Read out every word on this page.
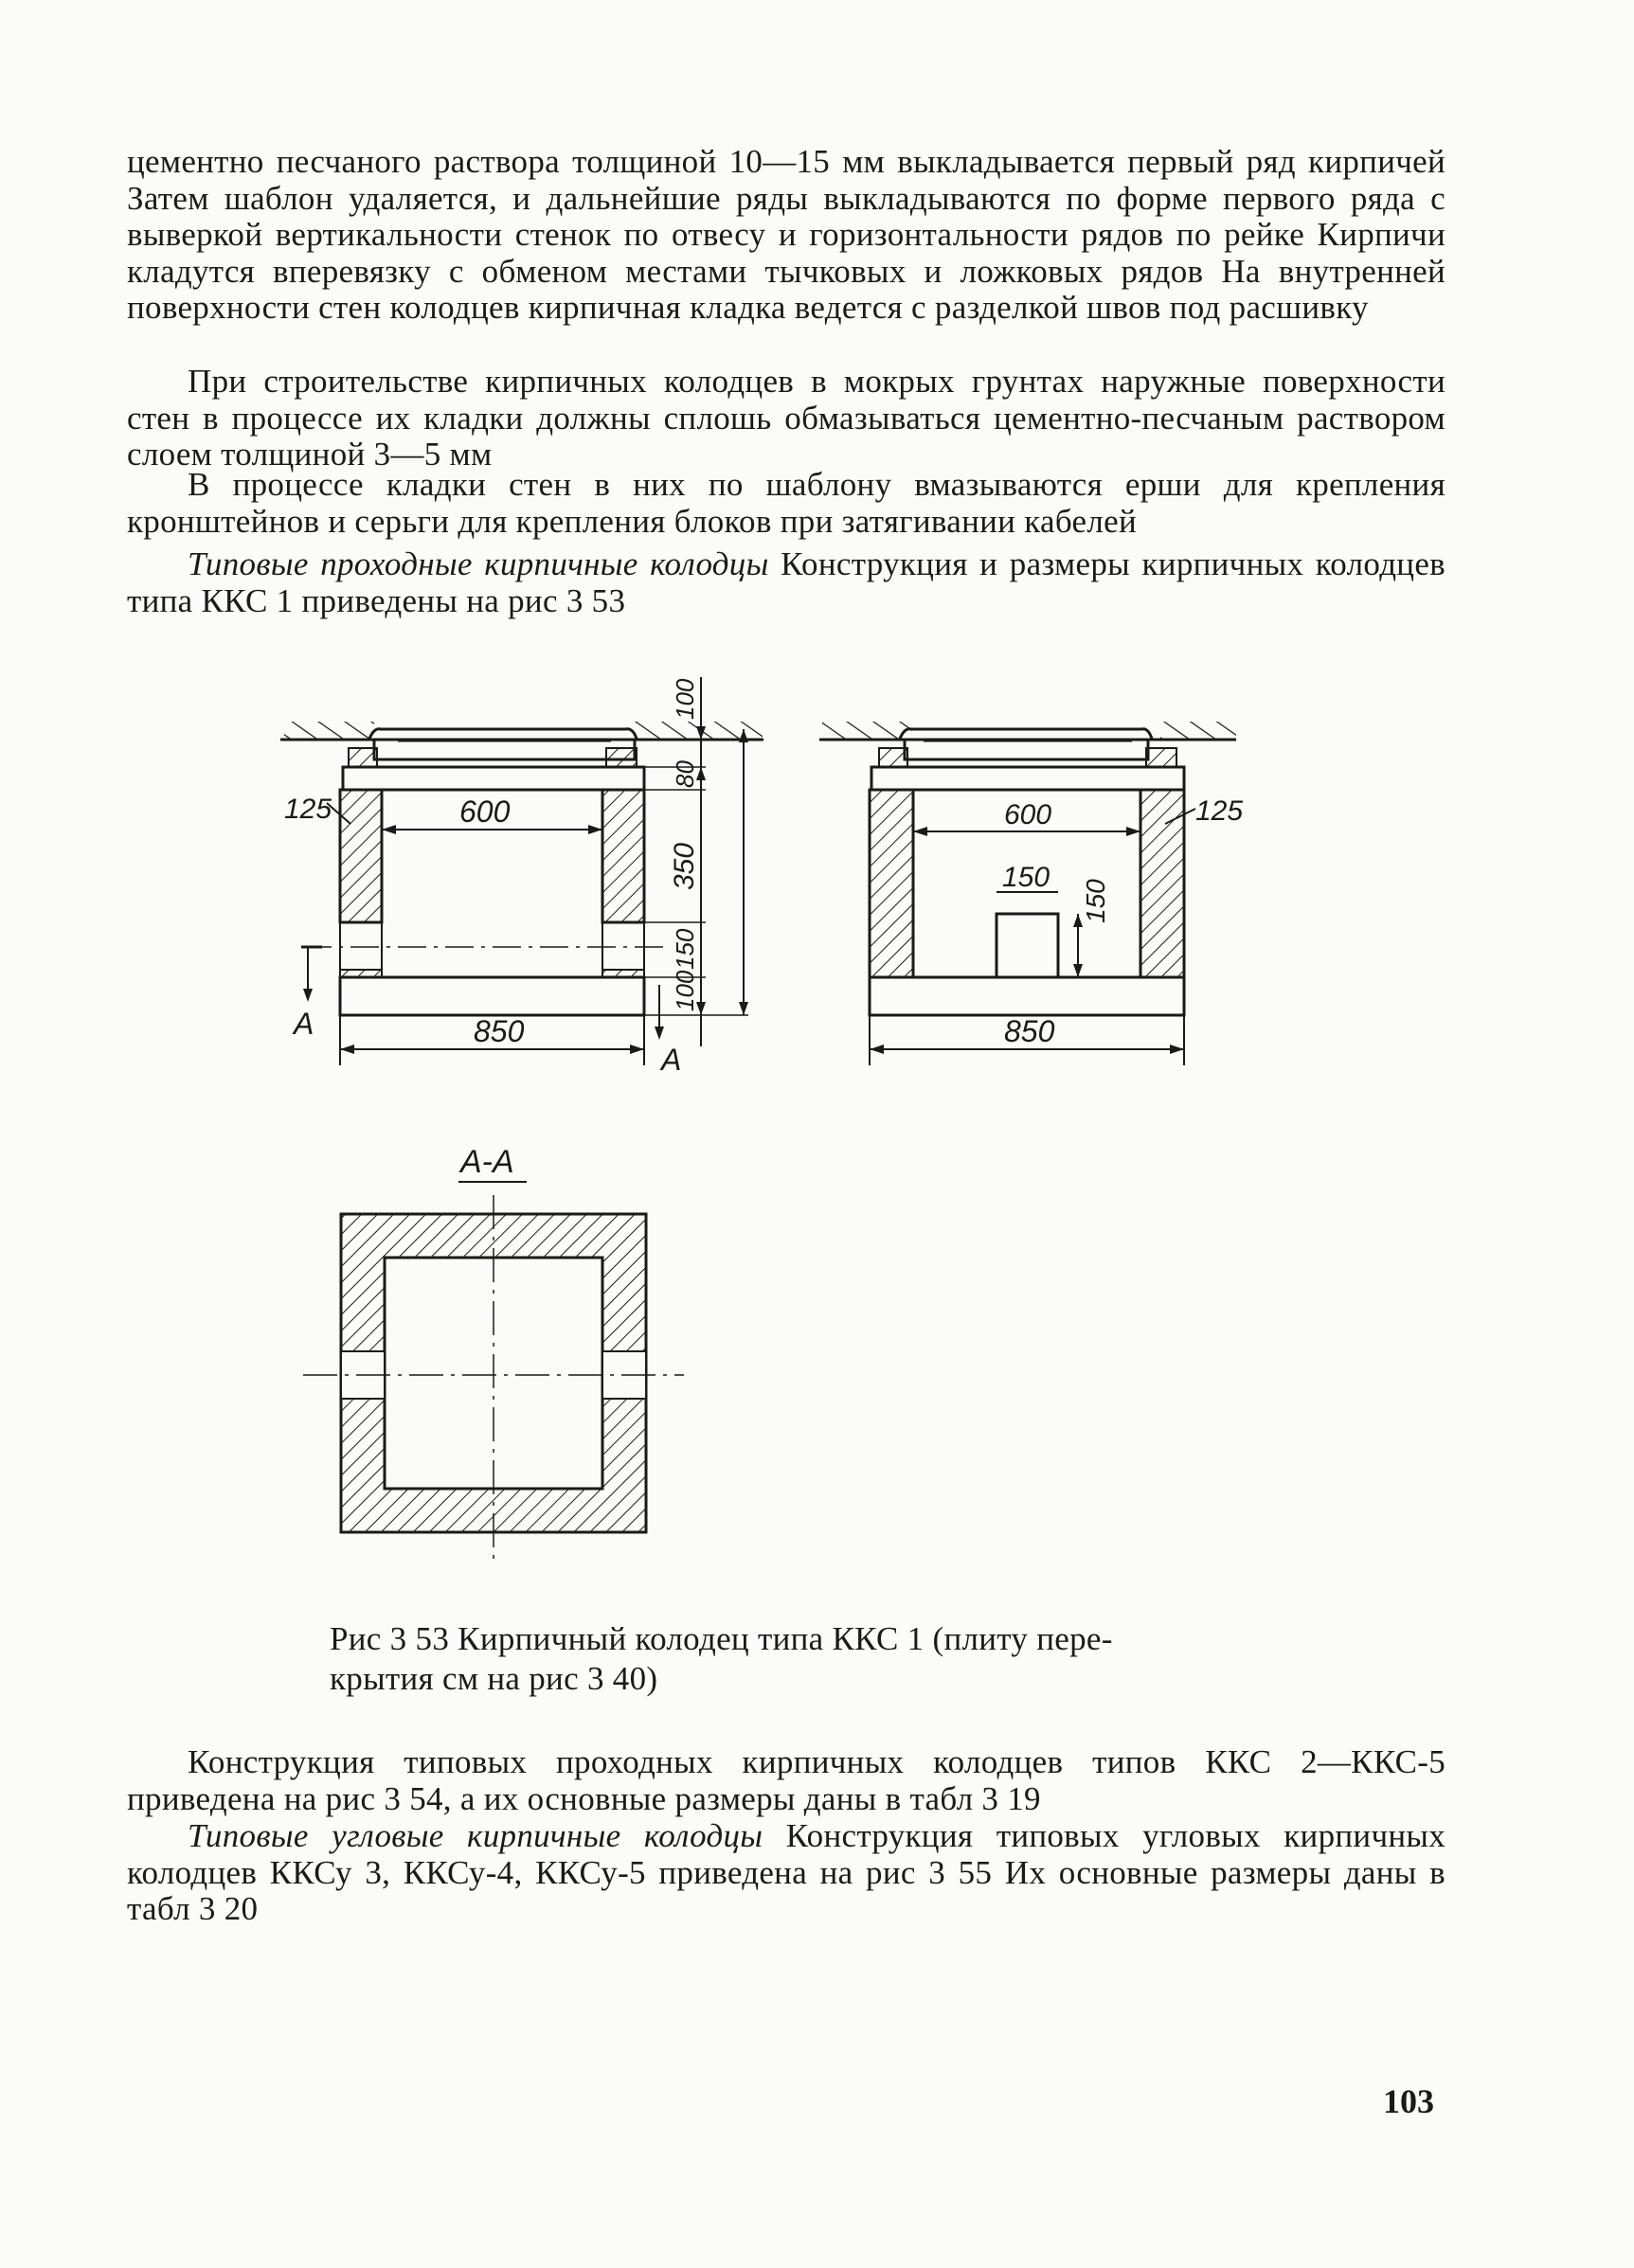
цементно песчаного раствора толщиной 10—15 мм выкладывается первый ряд кирпичей Затем шаблон удаляется, и дальнейшие ряды выкладываются по форме первого ряда с выверкой вертикальности стенок по отвесу и горизонтальности рядов по рейке Кирпичи кладутся вперевязку с обменом местами тычковых и ложковых рядов На внутренней поверхности стен колодцев кирпичная кладка ведется с разделкой швов под расшивку

При строительстве кирпичных колодцев в мокрых грунтах наружные поверхности стен в процессе их кладки должны сплошь обмазываться цементно-песчаным раствором слоем толщиной 3—5 мм

В процессе кладки стен в них по шаблону вмазываются ерши для крепления кронштейнов и серьги для крепления блоков при затягивании кабелей

Типовые проходные кирпичные колодцы Конструкция и размеры кирпичных колодцев типа ККС 1 приведены на рис 3 53

600
125
850
А
А
100
80
350
150
100
150
150
600	125
850
А-А

Рис 3 53 Кирпичный колодец типа ККС 1 (плиту пере-

крытия см на рис 3 40)

Конструкция типовых проходных кирпичных колодцев типов ККС 2—ККС-5 приведена на рис 3 54, а их основные размеры даны в табл 3 19

Типовые угловые кирпичные колодцы Конструкция типовых угловых кирпичных колодцев ККСу 3, ККСу-4, ККСу-5 приведена на рис 3 55 Их основные размеры даны в табл 3 20

103
